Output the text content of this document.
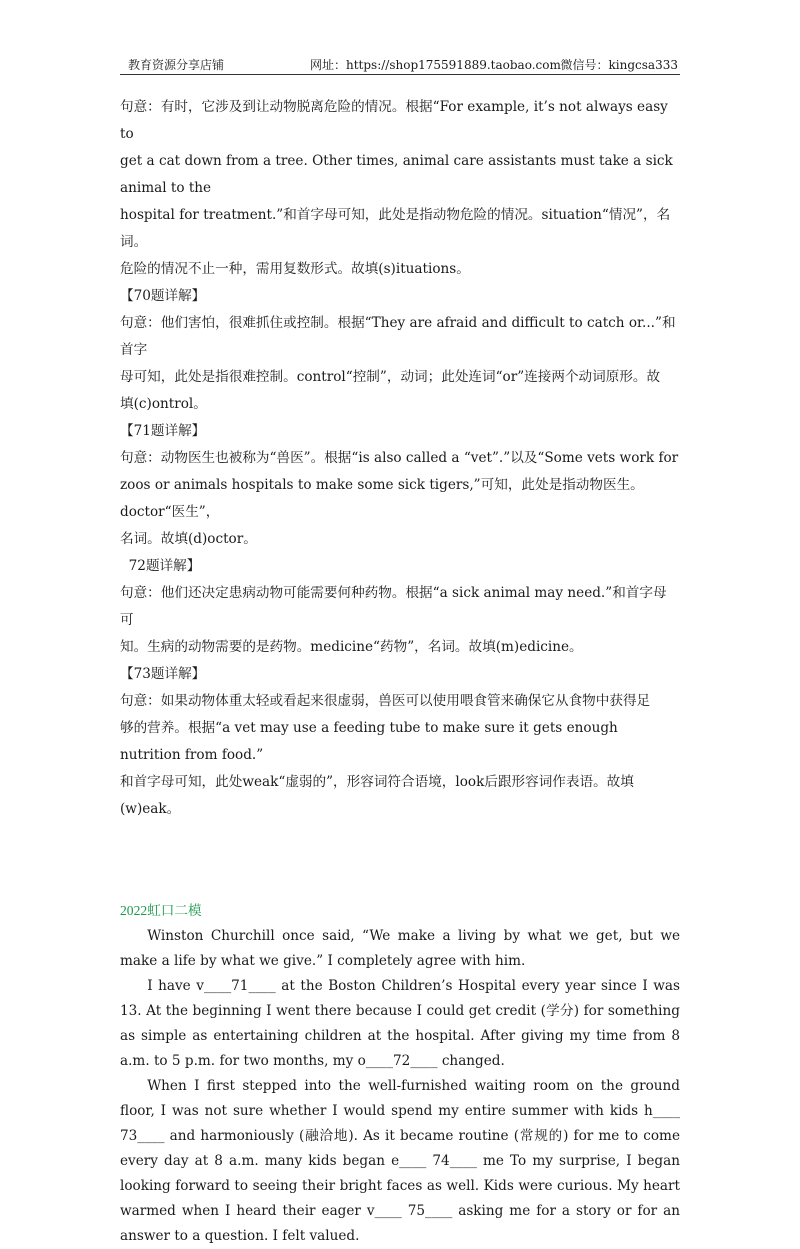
教育资源分享店铺	网址：https://shop175591889.taobao.com 微信号：kingcsa333

句意：有时，它涉及到让动物脱离危险的情况。根据“For example, it’s not always easy to

get a cat down from a tree. Other times, animal care assistants must take a sick animal to the

hospital for treatment.”和首字母可知，此处是指动物危险的情况。situation“情况”，名词。

危险的情况不止一种，需用复数形式。故填(s)ituations。

【70题详解】

句意：他们害怕，很难抓住或控制。根据“They are afraid and difficult to catch or...”和首字

母可知，此处是指很难控制。control“控制”，动词；此处连词“or”连接两个动词原形。故

填(c)ontrol。

【71题详解】

句意：动物医生也被称为“兽医”。根据“is also called a “vet”.”以及“Some vets work for

zoos or animals hospitals to make some sick tigers,”可知，此处是指动物医生。doctor“医生”，

名词。故填(d)octor。

72题详解】

句意：他们还决定患病动物可能需要何种药物。根据“a sick animal may need.”和首字母可

知。生病的动物需要的是药物。medicine“药物”，名词。故填(m)edicine。

【73题详解】

句意：如果动物体重太轻或看起来很虚弱，兽医可以使用喂食管来确保它从食物中获得足

够的营养。根据“a vet may use a feeding tube to make sure it gets enough nutrition from food.”

和首字母可知，此处weak“虚弱的”，形容词符合语境，look后跟形容词作表语。故填

(w)eak。

2022虹口二模

Winston Churchill once said, “We make a living by what we get, but we make a life by what we give.” I completely agree with him.

I have v____71____ at the Boston Children’s Hospital every year since I was 13. At the beginning I went there because I could get credit (学分) for something as simple as entertaining children at the hospital. After giving my time from 8 a.m. to 5 p.m. for two months, my o____72____ changed.

When I first stepped into the well-furnished waiting room on the ground floor, I was not sure whether I would spend my entire summer with kids h____ 73____ and harmoniously (融洽地). As it became routine (常规的) for me to come every day at 8 a.m. many kids began e____ 74____ me To my surprise, I began looking forward to seeing their bright faces as well. Kids were curious. My heart warmed when I heard their eager v____ 75____ asking me for a story or for an answer to a question. I felt valued.
